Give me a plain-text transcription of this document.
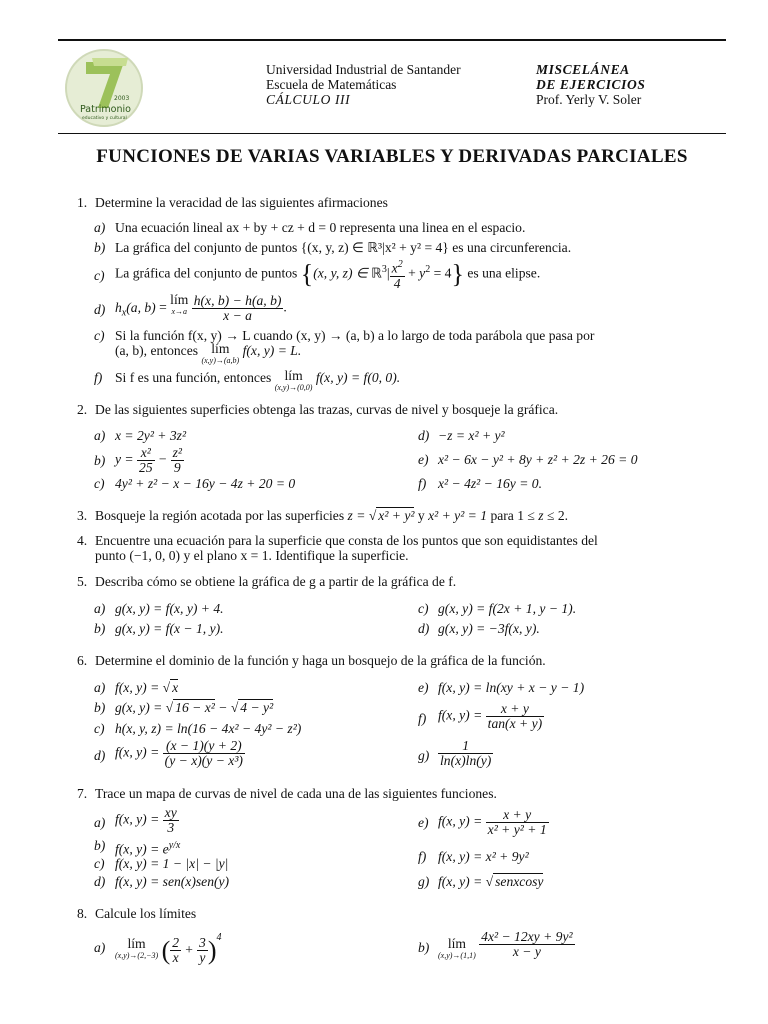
2003
Patrimonio
educativo y cultural
Universidad Industrial de Santander
Escuela de Matemáticas
CÁLCULO III
MISCELÁNEA
DE EJERCICIOS
Prof. Yerly V. Soler
FUNCIONES DE VARIAS VARIABLES Y DERIVADAS PARCIALES
1. Determine la veracidad de las siguientes afirmaciones
a) Una ecuación lineal ax + by + cz + d = 0 representa una linea en el espacio.
b) La gráfica del conjunto de puntos {(x, y, z) ∈ ℝ³|x² + y² = 4} es una circunferencia.
c) La gráfica del conjunto de puntos {(x, y, z) ∈ ℝ$^3$| $\frac{x^2}{4} + y^2 = 4$} es una elipse.
d) $h_x(a$, b) = lím
x→a
$\frac{h(x, b) - h(a, b)}{x - a}$ .
c) Si la función f(x, y) → L cuando (x, y) → (a, b) a lo largo de toda parábola que pasa por
(a, b), entonces lím
(x,y)→(a,b)
f(x, y) = L.
f) Si f es una función, entonces lím
(x,y)→(0,0)
f(x, y) = f(0, 0).
2. De las siguientes superficies obtenga las trazas, curvas de nivel y bosqueje la gráfica.
a) x = 2y² + 3z²	d) −z = x² + y²
b) $y = \frac{\text{x²}}{25} - \frac{\text{z²}}{9}$	e) x² − 6x − y² + 8y + z² + 2z + 26 = 0
c) 4y² + z² − x − 16y − 4z + 20 = 0	f) x² − 4z² − 16y = 0.
3. Bosqueje la región acotada por las superficies z = √ x² + y² y x² + y² = 1 para 1 ≤ z ≤ 2.
4. Encuentre una ecuación para la superficie que consta de los puntos que son equidistantes del
punto (−1, 0, 0) y el plano x = 1. Identifique la superficie.
5. Describa cómo se obtiene la gráfica de g a partir de la gráfica de f.
a) g(x, y) = f(x, y) + 4.	c) g(x, y) = f(2x + 1, y − 1).
b) g(x, y) = f(x − 1, y).	d) g(x, y) = −3f(x, y).
6. Determine el dominio de la función y haga un bosquejo de la gráfica de la función.
a) f(x, y) = √ x	e) f(x, y) = ln(xy + x − y − 1)
b) g(x, y) = √ 16 − x² − √ 4 − y²
f) f(x, $y) = \frac{x + y}{\tan(x + y)}$
c) h(x, y, z) = ln(16 − 4x² − 4y² − z²)
d) f(x, $y) = \frac{(x - 1)(y + 2)}{\text{(y − x)(y − x³)}}$	$g) \frac{1}{\ln(x)\ln(y)}$
7. Trace un mapa de curvas de nivel de cada una de las siguientes funciones.
a) f(x, $y) = \frac{xy}{3}$	e) f(x, $y) = \frac{x + y}{\text{x² + y² + 1}}$
b) f(x, $y) = e^{y/x}$
c) f(x, y) = 1 − |x| − |y|	f) f(x, y) = x² + 9y²
d) f(x, y) = sen(x)sen(y)	g) f(x, y) = √ senxcosy
8. Calcule los límites
a)	lím
(x,y)→(2,−3) ( $\frac{2}{x} + \frac{3}{y} )^4$
b)	lím
(x,y)→(1,1)
$\frac{\text{4x² − 12xy + 9y²}}{x - y}$
